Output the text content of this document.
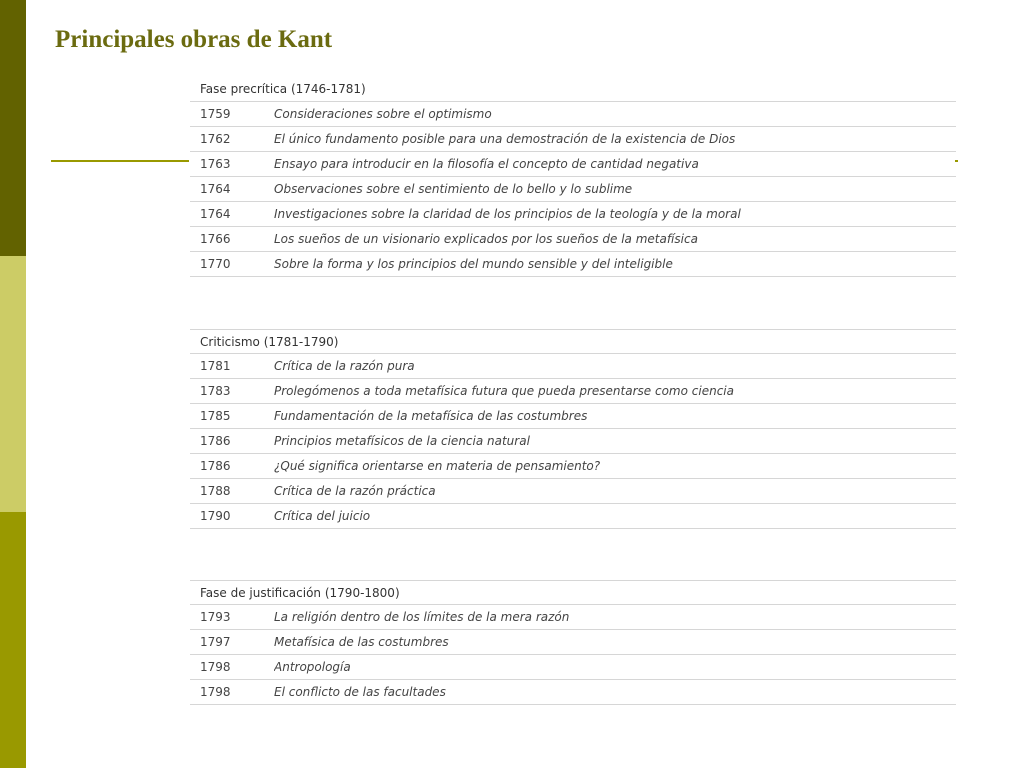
Principales obras de Kant
Fase precrítica (1746-1781)
1759	Consideraciones sobre el optimismo
1762	El único fundamento posible para una demostración de la existencia de Dios
1763	Ensayo para introducir en la filosofía el concepto de cantidad negativa
1764	Observaciones sobre el sentimiento de lo bello y lo sublime
1764	Investigaciones sobre la claridad de los principios de la teología y de la moral
1766	Los sueños de un visionario explicados por los sueños de la metafísica
1770	Sobre la forma y los principios del mundo sensible y del inteligible
Criticismo (1781-1790)
1781	Crítica de la razón pura
1783	Prolegómenos a toda metafísica futura que pueda presentarse como ciencia
1785	Fundamentación de la metafísica de las costumbres
1786	Principios metafísicos de la ciencia natural
1786	¿Qué significa orientarse en materia de pensamiento?
1788	Crítica de la razón práctica
1790	Crítica del juicio
Fase de justificación (1790-1800)
1793	La religión dentro de los límites de la mera razón
1797	Metafísica de las costumbres
1798	Antropología
1798	El conflicto de las facultades
